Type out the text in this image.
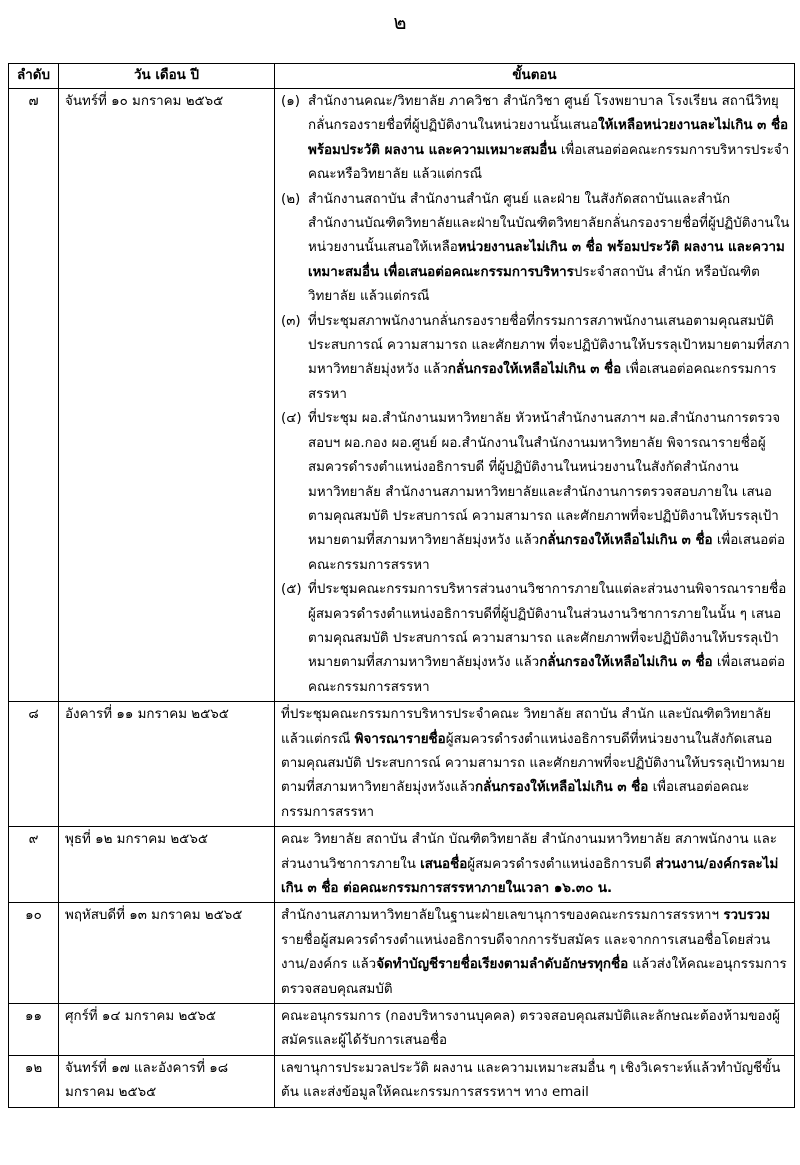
๒
ลำดับ	วัน เดือน ปี	ขั้นตอน
๗	จันทร์ที่ ๑๐ มกราคม ๒๕๖๕	(๑) สำนักงานคณะ/วิทยาลัย ภาควิชา สำนักวิชา ศูนย์ โรงพยาบาล โรงเรียน สถานีวิทยุ กลั่นกรองรายชื่อที่ผู้ปฏิบัติงานในหน่วยงานนั้นเสนอให้เหลือหน่วยงานละไม่เกิน ๓ ชื่อ พร้อมประวัติ ผลงาน และความเหมาะสมอื่น เพื่อเสนอต่อคณะกรรมการบริหารประจำคณะหรือวิทยาลัย แล้วแต่กรณี
(๒) สำนักงานสถาบัน สำนักงานสำนัก ศูนย์ และฝ่าย ในสังกัดสถาบันและสำนัก สำนักงานบัณฑิตวิทยาลัยและฝ่ายในบัณฑิตวิทยาลัยกลั่นกรองรายชื่อที่ผู้ปฏิบัติงานในหน่วยงานนั้นเสนอให้เหลือหน่วยงานละไม่เกิน ๓ ชื่อ พร้อมประวัติ ผลงาน และความเหมาะสมอื่น เพื่อเสนอต่อคณะกรรมการบริหารประจำสถาบัน สำนัก หรือบัณฑิตวิทยาลัย แล้วแต่กรณี
(๓) ที่ประชุมสภาพนักงานกลั่นกรองรายชื่อที่กรรมการสภาพนักงานเสนอตามคุณสมบัติ ประสบการณ์ ความสามารถ และศักยภาพ ที่จะปฏิบัติงานให้บรรลุเป้าหมายตามที่สภามหาวิทยาลัยมุ่งหวัง แล้วกลั่นกรองให้เหลือไม่เกิน ๓ ชื่อ เพื่อเสนอต่อคณะกรรมการสรรหา
(๔) ที่ประชุม ผอ.สำนักงานมหาวิทยาลัย หัวหน้าสำนักงานสภาฯ ผอ.สำนักงานการตรวจสอบฯ ผอ.กอง ผอ.ศูนย์ ผอ.สำนักงานในสำนักงานมหาวิทยาลัย พิจารณารายชื่อผู้สมควรดำรงตำแหน่งอธิการบดี ที่ผู้ปฏิบัติงานในหน่วยงานในสังกัดสำนักงานมหาวิทยาลัย สำนักงานสภามหาวิทยาลัยและสำนักงานการตรวจสอบภายใน เสนอตามคุณสมบัติ ประสบการณ์ ความสามารถ และศักยภาพที่จะปฏิบัติงานให้บรรลุเป้าหมายตามที่สภามหาวิทยาลัยมุ่งหวัง แล้วกลั่นกรองให้เหลือไม่เกิน ๓ ชื่อ เพื่อเสนอต่อคณะกรรมการสรรหา
(๕) ที่ประชุมคณะกรรมการบริหารส่วนงานวิชาการภายในแต่ละส่วนงานพิจารณารายชื่อผู้สมควรดำรงตำแหน่งอธิการบดีที่ผู้ปฏิบัติงานในส่วนงานวิชาการภายในนั้น ๆ เสนอตามคุณสมบัติ ประสบการณ์ ความสามารถ และศักยภาพที่จะปฏิบัติงานให้บรรลุเป้าหมายตามที่สภามหาวิทยาลัยมุ่งหวัง แล้วกลั่นกรองให้เหลือไม่เกิน ๓ ชื่อ เพื่อเสนอต่อคณะกรรมการสรรหา

๘	อังคารที่ ๑๑ มกราคม ๒๕๖๕	ที่ประชุมคณะกรรมการบริหารประจำคณะ วิทยาลัย สถาบัน สำนัก และบัณฑิตวิทยาลัย แล้วแต่กรณี พิจารณารายชื่อผู้สมควรดำรงตำแหน่งอธิการบดีที่หน่วยงานในสังกัดเสนอตามคุณสมบัติ ประสบการณ์ ความสามารถ และศักยภาพที่จะปฏิบัติงานให้บรรลุเป้าหมายตามที่สภามหาวิทยาลัยมุ่งหวังแล้วกลั่นกรองให้เหลือไม่เกิน ๓ ชื่อ เพื่อเสนอต่อคณะกรรมการสรรหา

๙	พุธที่ ๑๒ มกราคม ๒๕๖๕	คณะ วิทยาลัย สถาบัน สำนัก บัณฑิตวิทยาลัย สำนักงานมหาวิทยาลัย สภาพนักงาน และส่วนงานวิชาการภายใน เสนอชื่อผู้สมควรดำรงตำแหน่งอธิการบดี ส่วนงาน/องค์กรละไม่เกิน ๓ ชื่อ ต่อคณะกรรมการสรรหาภายในเวลา ๑๖.๓๐ น.

๑๐	พฤหัสบดีที่ ๑๓ มกราคม ๒๕๖๕	สำนักงานสภามหาวิทยาลัยในฐานะฝ่ายเลขานุการของคณะกรรมการสรรหาฯ รวบรวมรายชื่อผู้สมควรดำรงตำแหน่งอธิการบดีจากการรับสมัคร และจากการเสนอชื่อโดยส่วนงาน/องค์กร แล้วจัดทำบัญชีรายชื่อเรียงตามลำดับอักษรทุกชื่อ แล้วส่งให้คณะอนุกรรมการตรวจสอบคุณสมบัติ

๑๑	ศุกร์ที่ ๑๔ มกราคม ๒๕๖๕	คณะอนุกรรมการ (กองบริหารงานบุคคล) ตรวจสอบคุณสมบัติและลักษณะต้องห้ามของผู้สมัครและผู้ได้รับการเสนอชื่อ

๑๒	จันทร์ที่ ๑๗ และอังคารที่ ๑๘ มกราคม ๒๕๖๕	เลขานุการประมวลประวัติ ผลงาน และความเหมาะสมอื่น ๆ เชิงวิเคราะห์แล้วทำบัญชีขั้นต้น และส่งข้อมูลให้คณะกรรมการสรรหาฯ ทาง email
